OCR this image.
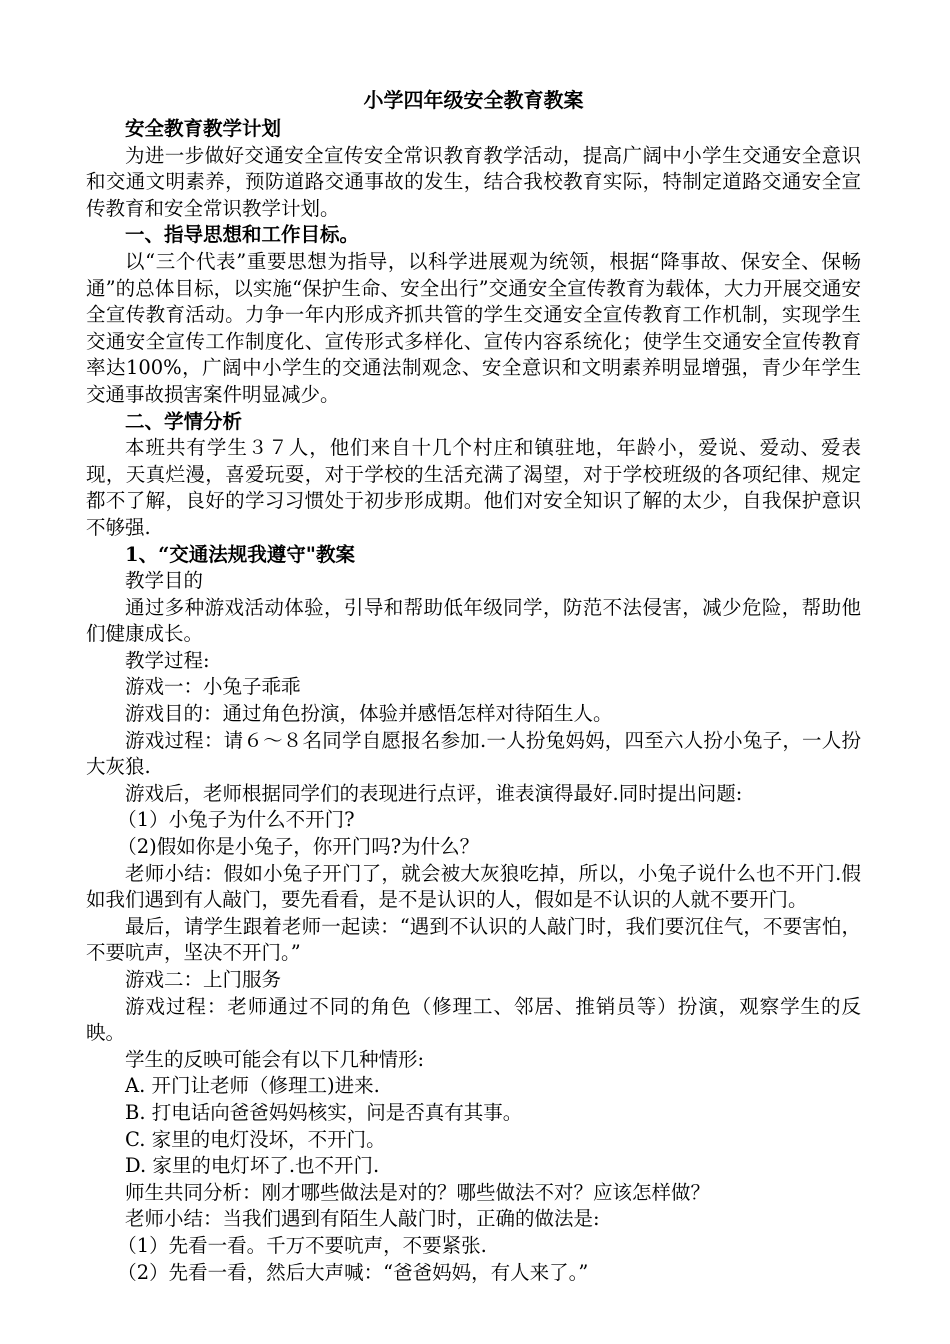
小学四年级安全教育教案

安全教育教学计划

为进一步做好交通安全宣传安全常识教育教学活动，提高广阔中小学生交通安全意识和交通文明素养，预防道路交通事故的发生，结合我校教育实际，特制定道路交通安全宣传教育和安全常识教学计划。

一、指导思想和工作目标。

以“三个代表”重要思想为指导，以科学进展观为统领，根据“降事故、保安全、保畅通”的总体目标，以实施“保护生命、安全出行”交通安全宣传教育为载体，大力开展交通安全宣传教育活动。力争一年内形成齐抓共管的学生交通安全宣传教育工作机制，实现学生交通安全宣传工作制度化、宣传形式多样化、宣传内容系统化；使学生交通安全宣传教育率达100%，广阔中小学生的交通法制观念、安全意识和文明素养明显增强，青少年学生交通事故损害案件明显减少。

二、学情分析

本班共有学生３７人，他们来自十几个村庄和镇驻地，年龄小，爱说、爱动、爱表现，天真烂漫，喜爱玩耍，对于学校的生活充满了渴望，对于学校班级的各项纪律、规定都不了解，良好的学习习惯处于初步形成期。他们对安全知识了解的太少，自我保护意识不够强.

1、“交通法规我遵守"教案

教学目的

通过多种游戏活动体验，引导和帮助低年级同学，防范不法侵害，减少危险，帮助他们健康成长。

教学过程:

游戏一：小兔子乖乖

游戏目的：通过角色扮演，体验并感悟怎样对待陌生人。

游戏过程：请６～８名同学自愿报名参加.一人扮兔妈妈，四至六人扮小兔子，一人扮大灰狼.

游戏后，老师根据同学们的表现进行点评，谁表演得最好.同时提出问题:

（1）小兔子为什么不开门?

（2)假如你是小兔子，你开门吗?为什么？

老师小结：假如小兔子开门了，就会被大灰狼吃掉，所以，小兔子说什么也不开门.假如我们遇到有人敲门，要先看看，是不是认识的人，假如是不认识的人就不要开门。

最后，请学生跟着老师一起读：“遇到不认识的人敲门时，我们要沉住气，不要害怕，不要吭声，坚决不开门。”

游戏二：上门服务

游戏过程：老师通过不同的角色（修理工、邻居、推销员等）扮演，观察学生的反映。

学生的反映可能会有以下几种情形:

A. 开门让老师（修理工)进来.

B. 打电话向爸爸妈妈核实，问是否真有其事。

C. 家里的电灯没坏，不开门。

D. 家里的电灯坏了.也不开门.

师生共同分析：刚才哪些做法是对的？哪些做法不对？应该怎样做？

老师小结：当我们遇到有陌生人敲门时，正确的做法是:

（1）先看一看。千万不要吭声，不要紧张.

（2）先看一看，然后大声喊：“爸爸妈妈，有人来了。”
